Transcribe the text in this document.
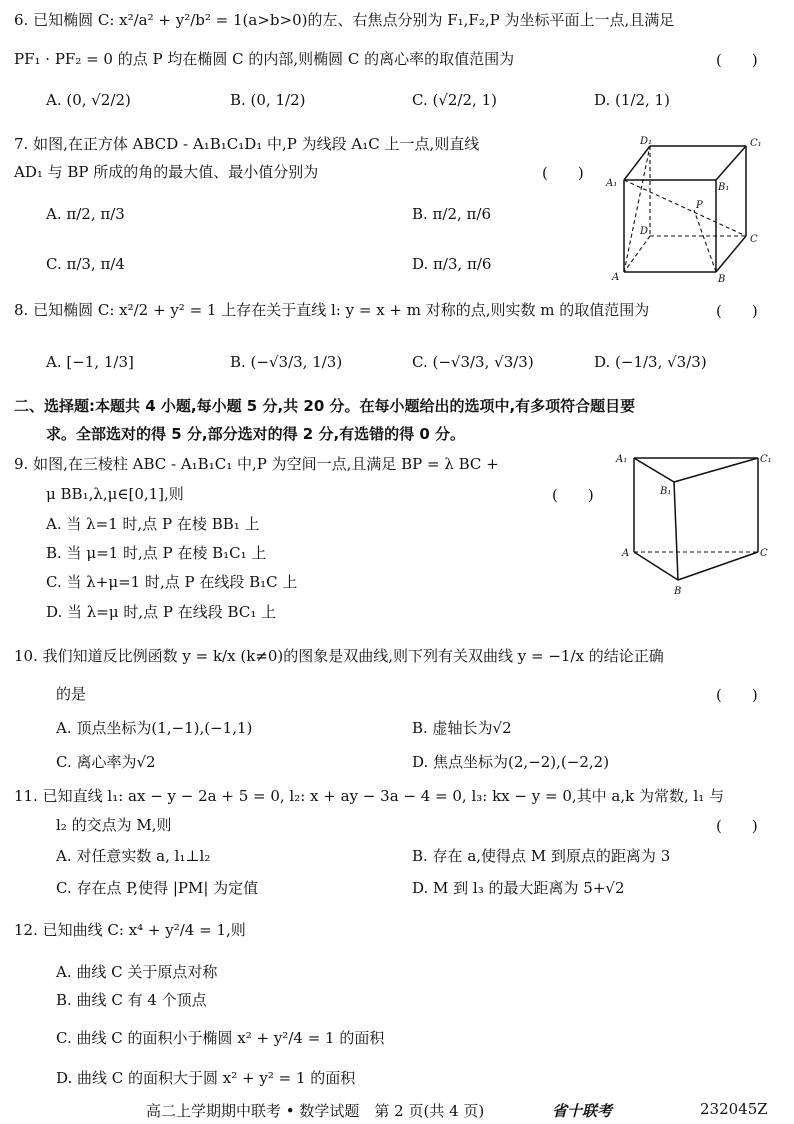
6. 已知椭圆 C: x²/a² + y²/b² = 1(a>b>0)的左、右焦点分别为 F₁,F₂,P 为坐标平面上一点,且满足
PF₁ · PF₂ = 0 的点 P 均在椭圆 C 的内部,则椭圆 C 的离心率的取值范围为	(　　)
A. (0, √2/2)	B. (0, 1/2)	C. (√2/2, 1)	D. (1/2, 1)
7. 如图,在正方体 ABCD - A₁B₁C₁D₁ 中,P 为线段 A₁C 上一点,则直线
AD₁ 与 BP 所成的角的最大值、最小值分别为	(　　)
A. π/2, π/3	B. π/2, π/6
C. π/3, π/4	D. π/3, π/6
D₁	C₁
A₁	B₁
P
D
C
A	B
8. 已知椭圆 C: x²/2 + y² = 1 上存在关于直线 l: y = x + m 对称的点,则实数 m 的取值范围为	(　　)
A. [−1, 1/3]	B. (−√3/3, 1/3)	C. (−√3/3, √3/3)	D. (−1/3, √3/3)
二、选择题:本题共 4 小题,每小题 5 分,共 20 分。在每小题给出的选项中,有多项符合题目要
求。全部选对的得 5 分,部分选对的得 2 分,有选错的得 0 分。
9. 如图,在三棱柱 ABC - A₁B₁C₁ 中,P 为空间一点,且满足 BP = λ BC +
μ BB₁,λ,μ∈[0,1],则	(　　)
A. 当 λ=1 时,点 P 在棱 BB₁ 上
B. 当 μ=1 时,点 P 在棱 B₁C₁ 上
C. 当 λ+μ=1 时,点 P 在线段 B₁C 上
D. 当 λ=μ 时,点 P 在线段 BC₁ 上
A₁	C₁
B₁
A	C
B
10. 我们知道反比例函数 y = k/x (k≠0)的图象是双曲线,则下列有关双曲线 y = −1/x 的结论正确
的是	(　　)
A. 顶点坐标为(1,−1),(−1,1)	B. 虚轴长为√2
C. 离心率为√2	D. 焦点坐标为(2,−2),(−2,2)
11. 已知直线 l₁: ax − y − 2a + 5 = 0, l₂: x + ay − 3a − 4 = 0, l₃: kx − y = 0,其中 a,k 为常数, l₁ 与
l₂ 的交点为 M,则	(　　)
A. 对任意实数 a, l₁⊥l₂	B. 存在 a,使得点 M 到原点的距离为 3
C. 存在点 P,使得 |PM| 为定值	D. M 到 l₃ 的最大距离为 5+√2
12. 已知曲线 C: x⁴ + y²/4 = 1,则
A. 曲线 C 关于原点对称
B. 曲线 C 有 4 个顶点
C. 曲线 C 的面积小于椭圆 x² + y²/4 = 1 的面积
D. 曲线 C 的面积大于圆 x² + y² = 1 的面积
高二上学期期中联考 • 数学试题　第 2 页(共 4 页)	省十联考	232045Z
